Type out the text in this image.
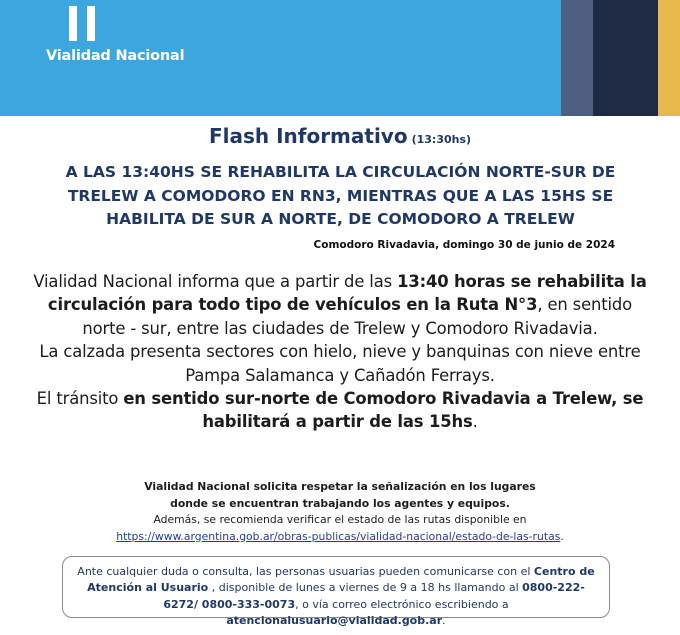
Vialidad Nacional
Flash Informativo (13:30hs)
A LAS 13:40HS SE REHABILITA LA CIRCULACIÓN NORTE-SUR DE TRELEW A COMODORO EN RN3, MIENTRAS QUE A LAS 15HS SE HABILITA DE SUR A NORTE, DE COMODORO A TRELEW
Comodoro Rivadavia, domingo 30 de junio de 2024
Vialidad Nacional informa que a partir de las 13:40 horas se rehabilita la circulación para todo tipo de vehículos en la Ruta N°3, en sentido norte - sur, entre las ciudades de Trelew y Comodoro Rivadavia.
La calzada presenta sectores con hielo, nieve y banquinas con nieve entre Pampa Salamanca y Cañadón Ferrays.
El tránsito en sentido sur-norte de Comodoro Rivadavia a Trelew, se habilitará a partir de las 15hs.
Vialidad Nacional solicita respetar la señalización en los lugares
donde se encuentran trabajando los agentes y equipos.
Además, se recomienda verificar el estado de las rutas disponible en
https://www.argentina.gob.ar/obras-publicas/vialidad-nacional/estado-de-las-rutas.
Ante cualquier duda o consulta, las personas usuarias pueden comunicarse con el Centro de Atención al Usuario , disponible de lunes a viernes de 9 a 18 hs llamando al 0800-222-6272/ 0800-333-0073, o vía correo electrónico escribiendo a atencionalusuario@vialidad.gob.ar.
